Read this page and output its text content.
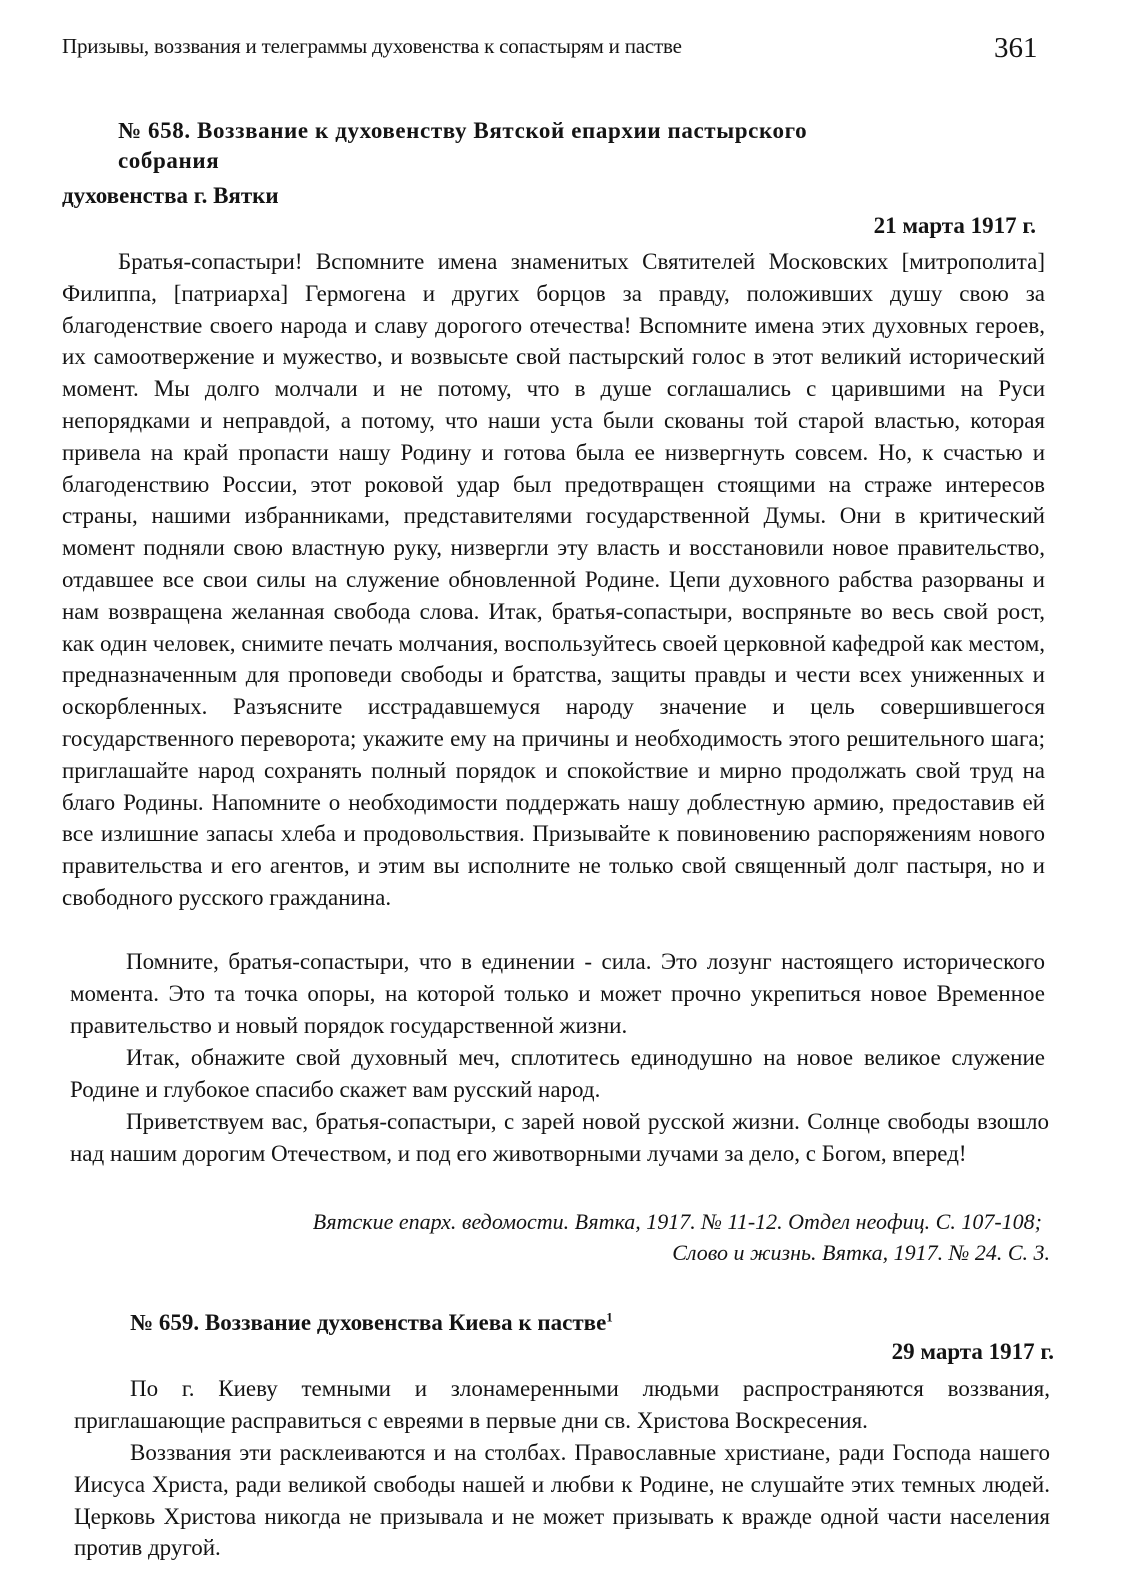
Призывы, воззвания и телеграммы духовенства к сопастырям и пастве	361
№ 658. Воззвание к духовенству Вятской епархии пастырского
собрания
духовенства г. Вятки
21 марта 1917 г.

Братья-сопастыри! Вспомните имена знаменитых Святителей Московских [митрополита] Филиппа, [патриарха] Гермогена и других борцов за правду, положивших душу свою за благоденствие своего народа и славу дорогого отечества! Вспомните имена этих духовных героев, их самоотвержение и мужество, и возвысьте свой пастырский голос в этот великий исторический момент. Мы долго молчали и не потому, что в душе соглашались с царившими на Руси непорядками и неправдой, а потому, что наши уста были скованы той старой властью, которая привела на край пропасти нашу Родину и готова была ее низвергнуть совсем. Но, к счастью и благоденствию России, этот роковой удар был предотвращен стоящими на страже интересов страны, нашими избранниками, представителями государственной Думы. Они в критический момент подняли свою властную руку, низвергли эту власть и восстановили новое правительство, отдавшее все свои силы на служение обновленной Родине. Цепи духовного рабства разорваны и нам возвращена желанная свобода слова. Итак, братья-сопастыри, воспряньте во весь свой рост, как один человек, снимите печать молчания, воспользуйтесь своей церковной кафедрой как местом, предназначенным для проповеди свободы и братства, защиты правды и чести всех униженных и оскорбленных. Разъясните исстрадавшемуся народу значение и цель совершившегося государственного переворота; укажите ему на причины и необходимость этого решительного шага; приглашайте народ сохранять полный порядок и спокойствие и мирно продолжать свой труд на благо Родины. Напомните о необходимости поддержать нашу доблестную армию, предоставив ей все излишние запасы хлеба и продовольствия. Призывайте к повиновению распоряжениям нового правительства и его агентов, и этим вы исполните не только свой священный долг пастыря, но и свободного русского гражданина.

Помните, братья-сопастыри, что в единении - сила. Это лозунг настоящего исторического момента. Это та точка опоры, на которой только и может прочно укрепиться новое Временное правительство и новый порядок государственной жизни.

Итак, обнажите свой духовный меч, сплотитесь единодушно на новое великое служение Родине и глубокое спасибо скажет вам русский народ.

Приветствуем вас, братья-сопастыри, с зарей новой русской жизни. Солнце свободы взошло над нашим дорогим Отечеством, и под его животворными лучами за дело, с Богом, вперед!

Вятские епарх. ведомости. Вятка, 1917. № 11-12. Отдел неофиц. С. 107-108;
Слово и жизнь. Вятка, 1917. № 24. С. 3.
№ 659. Воззвание духовенства Киева к пастве$^1$
29 марта 1917 г.

По г. Киеву темными и злонамеренными людьми распространяются воззвания, приглашающие расправиться с евреями в первые дни св. Христова Воскресения.

Воззвания эти расклеиваются и на столбах. Православные христиане, ради Господа нашего Иисуса Христа, ради великой свободы нашей и любви к Родине, не слушайте этих темных людей. Церковь Христова никогда не призывала и не может призывать к вражде одной части населения против другой.
